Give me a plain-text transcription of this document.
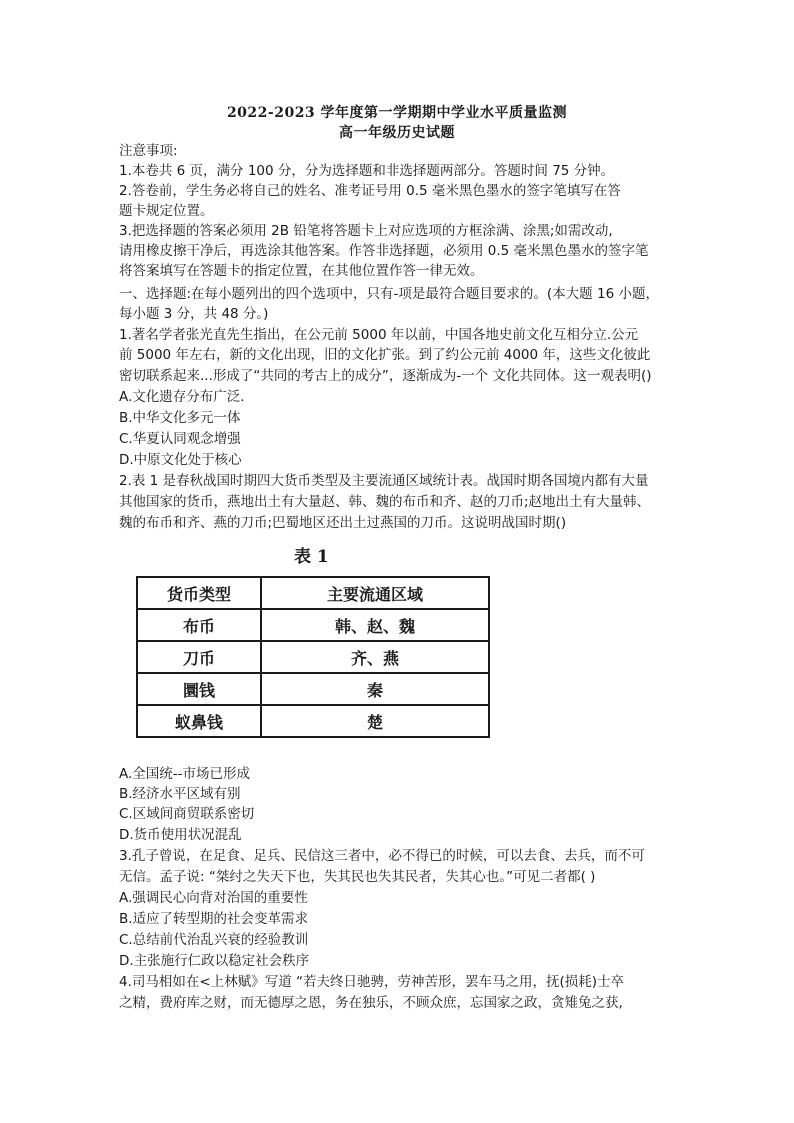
2022-2023 学年度第一学期期中学业水平质量监测
高一年级历史试题
注意事项:
1.本卷共 6 页，满分 100 分，分为选择题和非选择题两部分。答题时间 75 分钟。
2.答卷前，学生务必将自己的姓名、准考证号用 0.5 毫米黑色墨水的签字笔填写在答
题卡规定位置。
3.把选择题的答案必须用 2B 铅笔将答题卡上对应选项的方框涂满、涂黑;如需改动,
请用橡皮擦干净后，再选涂其他答案。作答非选择题，必须用 0.5 毫米黑色墨水的签字笔
将答案填写在答题卡的指定位置，在其他位置作答一律无效。
一、选择题:在每小题列出的四个选项中，只有-项是最符合题目要求的。(本大题 16 小题，
每小题 3 分，共 48 分。)
1.著名学者张光直先生指出，在公元前 5000 年以前，中国各地史前文化互相分立.公元
前 5000 年左右，新的文化出现，旧的文化扩张。到了约公元前 4000 年，这些文化彼此
密切联系起来...形成了“共同的考古上的成分”，逐渐成为-一个 文化共同体。这一观表明()
A.文化遗存分布广泛.
B.中华文化多元一体
C.华夏认同观念增强
D.中原文化处于核心
2.表 1 是春秋战国时期四大货币类型及主要流通区域统计表。战国时期各国境内都有大量
其他国家的货币，燕地出土有大量赵、韩、魏的布币和齐、赵的刀币;赵地出土有大量韩、
魏的布币和齐、燕的刀币;巴蜀地区还出土过燕国的刀币。这说明战国时期()
表 1
货币类型	主要流通区域
布币	韩、赵、魏
刀币	齐、燕
圜钱	秦
蚁鼻钱	楚
A.全国统--市场已形成
B.经济水平区域有别
C.区域间商贸联系密切
D.货币使用状况混乱
3.孔子曾说，在足食、足兵、民信这三者中，必不得已的时候，可以去食、去兵，而不可
无信。孟子说: “桀纣之失天下也，失其民也失其民者，失其心也。”可见二者都( )
A.强调民心向背对治国的重要性
B.适应了转型期的社会变革需求
C.总结前代治乱兴衰的经验教训
D.主张施行仁政以稳定社会秩序
4.司马相如在<上林赋》写道 “若夫终日驰骋，劳神苦形，罢车马之用，抚(损耗)士卒
之精，费府库之财，而无德厚之恩，务在独乐，不顾众庶，忘国家之政，贪雉兔之获,
